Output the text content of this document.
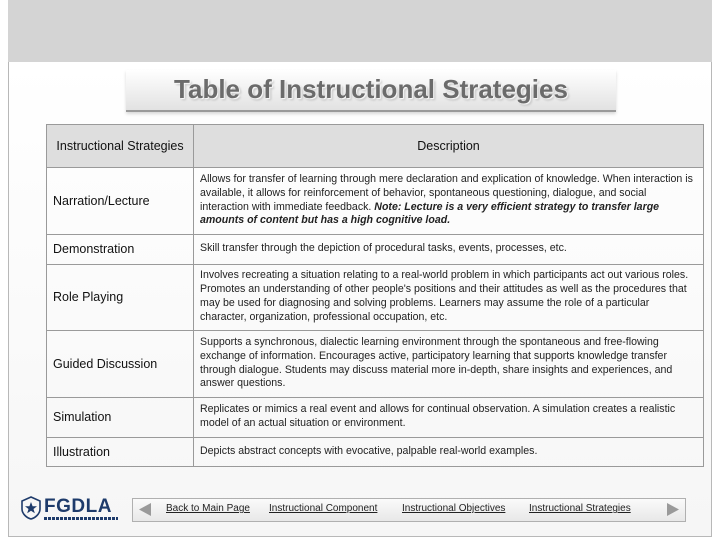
Table of Instructional Strategies
Instructional Strategies	Description
Narration/Lecture	Allows for transfer of learning through mere declaration and explication of knowledge. When interaction is available, it allows for reinforcement of behavior, spontaneous questioning, dialogue, and social interaction with immediate feedback. Note: Lecture is a very efficient strategy to transfer large amounts of content but has a high cognitive load.
Demonstration	Skill transfer through the depiction of procedural tasks, events, processes, etc.
Role Playing	Involves recreating a situation relating to a real-world problem in which participants act out various roles. Promotes an understanding of other people's positions and their attitudes as well as the procedures that may be used for diagnosing and solving problems. Learners may assume the role of a particular character, organization, professional occupation, etc.
Guided Discussion	Supports a synchronous, dialectic learning environment through the spontaneous and free-flowing exchange of information. Encourages active, participatory learning that supports knowledge transfer through dialogue. Students may discuss material more in-depth, share insights and experiences, and answer questions.
Simulation	Replicates or mimics a real event and allows for continual observation. A simulation creates a realistic model of an actual situation or environment.
Illustration	Depicts abstract concepts with evocative, palpable real-world examples.
FGDLA	Back to Main Page Instructional Component Instructional Objectives Instructional Strategies
